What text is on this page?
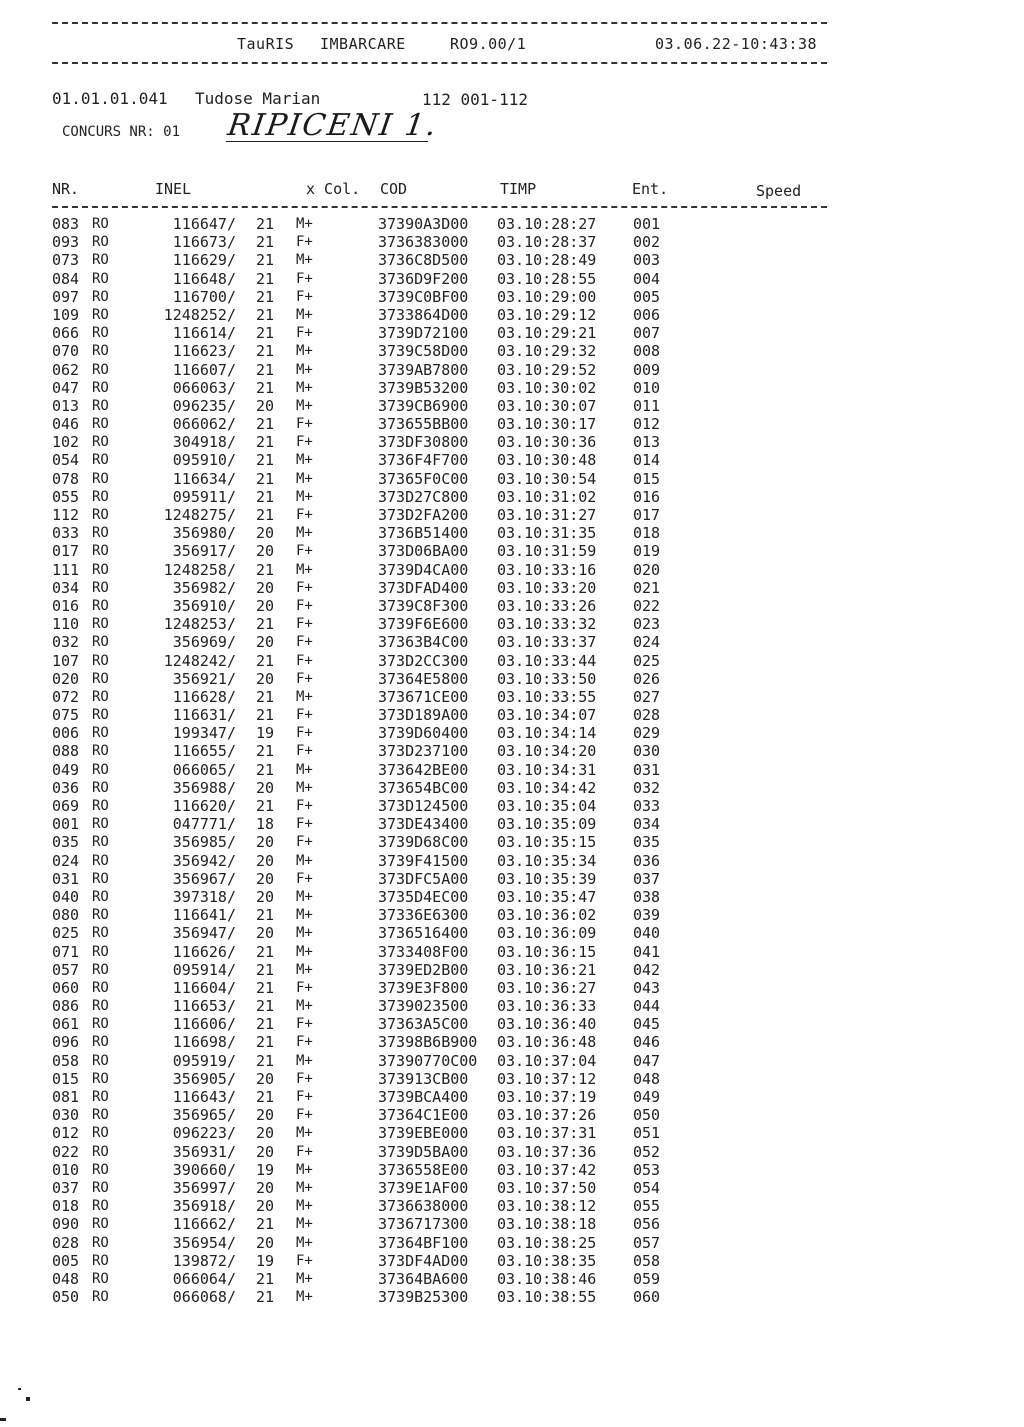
TauRIS IMBARCARE	RO9.00/1	03.06.22-10:43:38
01.01.01.041 Tudose Marian	112 001-112
CONCURS NR: 01 RIPICENI 1.
NR.	INEL	x Col. COD	TIMP	Ent.	Speed
083 RO	116647/ 21 M+	37390A3D00 03.10:28:27 001
093 RO	116673/ 21 F+	3736383000 03.10:28:37 002
073 RO	116629/ 21 M+	3736C8D500 03.10:28:49 003
084 RO	116648/ 21 F+	3736D9F200 03.10:28:55 004
097 RO	116700/ 21 F+	3739C0BF00 03.10:29:00 005
109 RO	1248252/ 21 M+	3733864D00 03.10:29:12 006
066 RO	116614/ 21 F+	3739D72100 03.10:29:21 007
070 RO	116623/ 21 M+	3739C58D00 03.10:29:32 008
062 RO	116607/ 21 M+	3739AB7800 03.10:29:52 009
047 RO	066063/ 21 M+	3739B53200 03.10:30:02 010
013 RO	096235/ 20 M+	3739CB6900 03.10:30:07 011
046 RO	066062/ 21 F+	373655BB00 03.10:30:17 012
102 RO	304918/ 21 F+	373DF30800 03.10:30:36 013
054 RO	095910/ 21 M+	3736F4F700 03.10:30:48 014
078 RO	116634/ 21 M+	37365F0C00 03.10:30:54 015
055 RO	095911/ 21 M+	373D27C800 03.10:31:02 016
112 RO	1248275/ 21 F+	373D2FA200 03.10:31:27 017
033 RO	356980/ 20 M+	3736B51400 03.10:31:35 018
017 RO	356917/ 20 F+	373D06BA00 03.10:31:59 019
111 RO	1248258/ 21 M+	3739D4CA00 03.10:33:16 020
034 RO	356982/ 20 F+	373DFAD400 03.10:33:20 021
016 RO	356910/ 20 F+	3739C8F300 03.10:33:26 022
110 RO	1248253/ 21 F+	3739F6E600 03.10:33:32 023
032 RO	356969/ 20 F+	37363B4C00 03.10:33:37 024
107 RO	1248242/ 21 F+	373D2CC300 03.10:33:44 025
020 RO	356921/ 20 F+	37364E5800 03.10:33:50 026
072 RO	116628/ 21 M+	373671CE00 03.10:33:55 027
075 RO	116631/ 21 F+	373D189A00 03.10:34:07 028
006 RO	199347/ 19 F+	3739D60400 03.10:34:14 029
088 RO	116655/ 21 F+	373D237100 03.10:34:20 030
049 RO	066065/ 21 M+	373642BE00 03.10:34:31 031
036 RO	356988/ 20 M+	373654BC00 03.10:34:42 032
069 RO	116620/ 21 F+	373D124500 03.10:35:04 033
001 RO	047771/ 18 F+	373DE43400 03.10:35:09 034
035 RO	356985/ 20 F+	3739D68C00 03.10:35:15 035
024 RO	356942/ 20 M+	3739F41500 03.10:35:34 036
031 RO	356967/ 20 F+	373DFC5A00 03.10:35:39 037
040 RO	397318/ 20 M+	3735D4EC00 03.10:35:47 038
080 RO	116641/ 21 M+	37336E6300 03.10:36:02 039
025 RO	356947/ 20 M+	3736516400 03.10:36:09 040
071 RO	116626/ 21 M+	3733408F00 03.10:36:15 041
057 RO	095914/ 21 M+	3739ED2B00 03.10:36:21 042
060 RO	116604/ 21 F+	3739E3F800 03.10:36:27 043
086 RO	116653/ 21 M+	3739023500 03.10:36:33 044
061 RO	116606/ 21 F+	37363A5C00 03.10:36:40 045
096 RO	116698/ 21 F+	37398B6B900 03.10:36:48 046
058 RO	095919/ 21 M+	37390770C00 03.10:37:04 047
015 RO	356905/ 20 F+	373913CB00 03.10:37:12 048
081 RO	116643/ 21 F+	3739BCA400 03.10:37:19 049
030 RO	356965/ 20 F+	37364C1E00 03.10:37:26 050
012 RO	096223/ 20 M+	3739EBE000 03.10:37:31 051
022 RO	356931/ 20 F+	3739D5BA00 03.10:37:36 052
010 RO	390660/ 19 M+	3736558E00 03.10:37:42 053
037 RO	356997/ 20 M+	3739E1AF00 03.10:37:50 054
018 RO	356918/ 20 M+	3736638000 03.10:38:12 055
090 RO	116662/ 21 M+	3736717300 03.10:38:18 056
028 RO	356954/ 20 M+	37364BF100 03.10:38:25 057
005 RO	139872/ 19 F+	373DF4AD00 03.10:38:35 058
048 RO	066064/ 21 M+	37364BA600 03.10:38:46 059
050 RO	066068/ 21 M+	3739B25300 03.10:38:55 060
